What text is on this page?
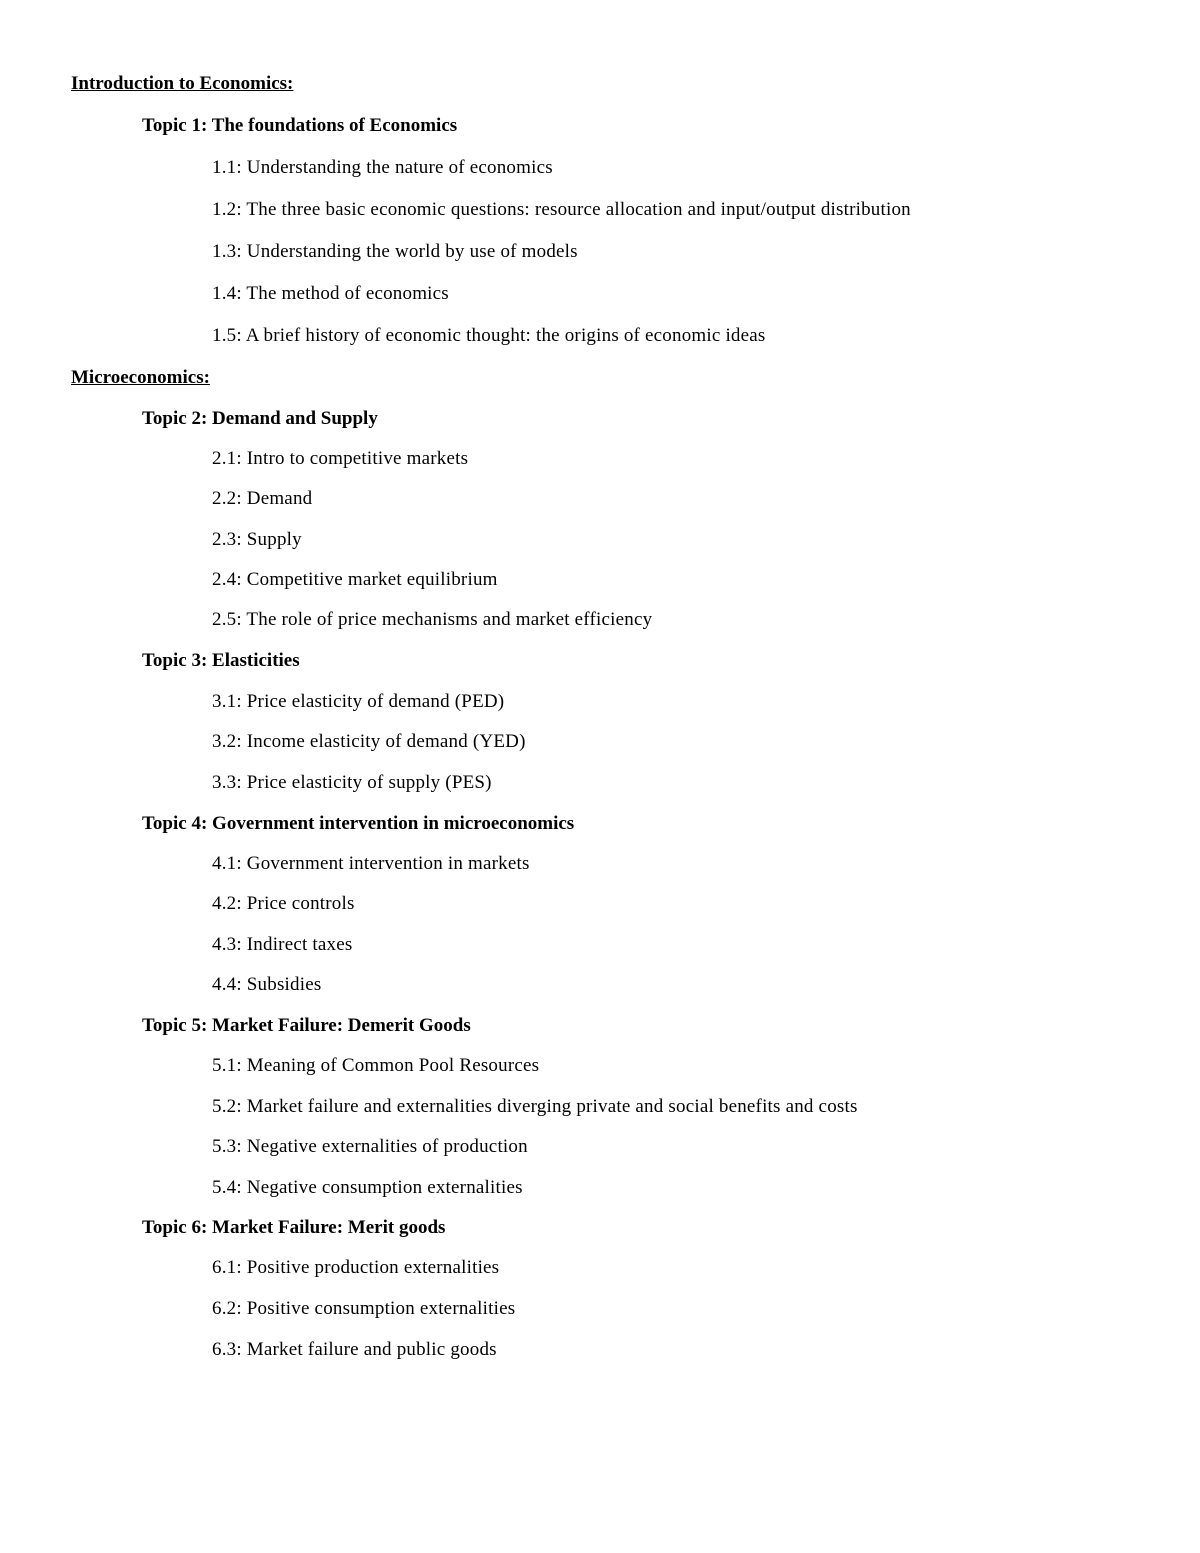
Introduction to Economics:
Topic 1: The foundations of Economics
1.1: Understanding the nature of economics
1.2: The three basic economic questions: resource allocation and input/output distribution
1.3: Understanding the world by use of models
1.4: The method of economics
1.5: A brief history of economic thought: the origins of economic ideas
Microeconomics:
Topic 2: Demand and Supply
2.1: Intro to competitive markets
2.2: Demand
2.3: Supply
2.4: Competitive market equilibrium
2.5: The role of price mechanisms and market efficiency
Topic 3: Elasticities
3.1: Price elasticity of demand (PED)
3.2: Income elasticity of demand (YED)
3.3: Price elasticity of supply (PES)
Topic 4: Government intervention in microeconomics
4.1: Government intervention in markets
4.2: Price controls
4.3: Indirect taxes
4.4: Subsidies
Topic 5: Market Failure: Demerit Goods
5.1: Meaning of Common Pool Resources
5.2: Market failure and externalities diverging private and social benefits and costs
5.3: Negative externalities of production
5.4: Negative consumption externalities
Topic 6: Market Failure: Merit goods
6.1: Positive production externalities
6.2: Positive consumption externalities
6.3: Market failure and public goods
